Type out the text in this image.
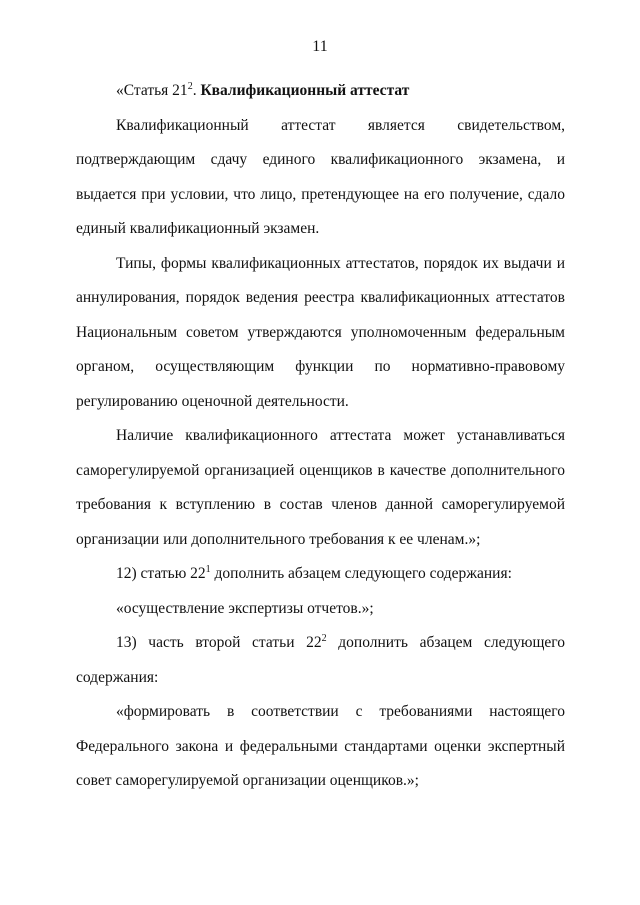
11

«Статья $21^2$. Квалификационный аттестат

Квалификационный аттестат является свидетельством, подтверждающим сдачу единого квалификационного экзамена, и выдается при условии, что лицо, претендующее на его получение, сдало единый квалификационный экзамен.

Типы, формы квалификационных аттестатов, порядок их выдачи и аннулирования, порядок ведения реестра квалификационных аттестатов Национальным советом утверждаются уполномоченным федеральным органом, осуществляющим функции по нормативно-правовому регулированию оценочной деятельности.

Наличие квалификационного аттестата может устанавливаться саморегулируемой организацией оценщиков в качестве дополнительного требования к вступлению в состав членов данной саморегулируемой организации или дополнительного требования к ее членам.»;

12) статью $22^1$ дополнить абзацем следующего содержания:

«осуществление экспертизы отчетов.»;

13) часть второй статьи $22^2$ дополнить абзацем следующего содержания:

«формировать в соответствии с требованиями настоящего Федерального закона и федеральными стандартами оценки экспертный совет саморегулируемой организации оценщиков.»;
